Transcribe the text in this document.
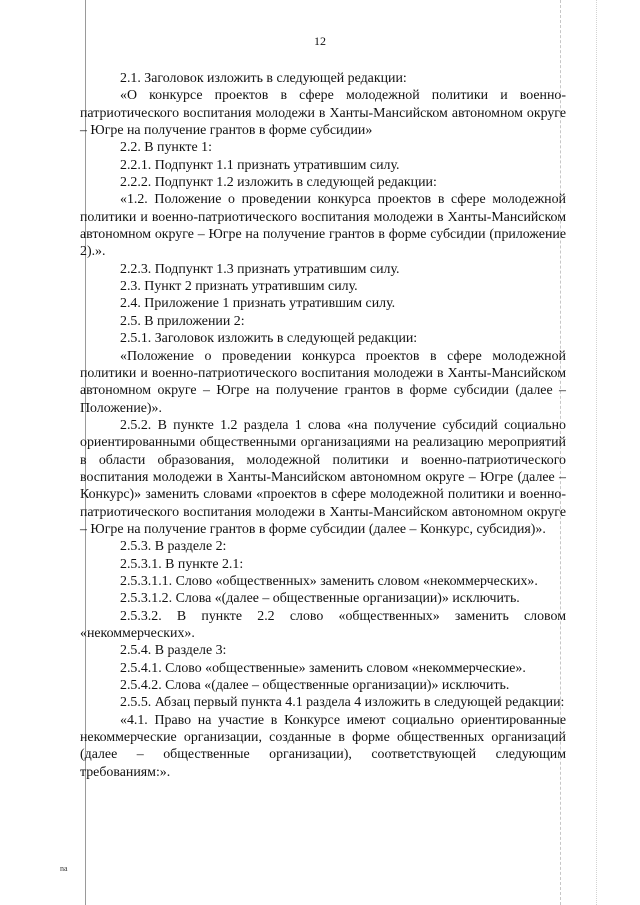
12

2.1. Заголовок изложить в следующей редакции:

«О конкурсе проектов в сфере молодежной политики и военно-патриотического воспитания молодежи в Ханты-Мансийском автономном округе – Югре на получение грантов в форме субсидии»

2.2. В пункте 1:

2.2.1. Подпункт 1.1 признать утратившим силу.

2.2.2. Подпункт 1.2 изложить в следующей редакции:

«1.2. Положение о проведении конкурса проектов в сфере молодежной политики и военно-патриотического воспитания молодежи в Ханты-Мансийском автономном округе – Югре на получение грантов в форме субсидии (приложение 2).».

2.2.3. Подпункт 1.3 признать утратившим силу.

2.3. Пункт 2 признать утратившим силу.

2.4. Приложение 1 признать утратившим силу.

2.5. В приложении 2:

2.5.1. Заголовок изложить в следующей редакции:

«Положение о проведении конкурса проектов в сфере молодежной политики и военно-патриотического воспитания молодежи в Ханты-Мансийском автономном округе – Югре на получение грантов в форме субсидии (далее – Положение)».

2.5.2. В пункте 1.2 раздела 1 слова «на получение субсидий социально ориентированными общественными организациями на реализацию мероприятий в области образования, молодежной политики и военно-патриотического воспитания молодежи в Ханты-Мансийском автономном округе – Югре (далее – Конкурс)» заменить словами «проектов в сфере молодежной политики и военно-патриотического воспитания молодежи в Ханты-Мансийском автономном округе – Югре на получение грантов в форме субсидии (далее – Конкурс, субсидия)».

2.5.3. В разделе 2:

2.5.3.1. В пункте 2.1:

2.5.3.1.1. Слово «общественных» заменить словом «некоммерческих».

2.5.3.1.2. Слова «(далее – общественные организации)» исключить.

2.5.3.2. В пункте 2.2 слово «общественных» заменить словом «некоммерческих».

2.5.4. В разделе 3:

2.5.4.1. Слово «общественные» заменить словом «некоммерческие».

2.5.4.2. Слова «(далее – общественные организации)» исключить.

2.5.5. Абзац первый пункта 4.1 раздела 4 изложить в следующей редакции:

«4.1. Право на участие в Конкурсе имеют социально ориентированные некоммерческие организации, созданные в форме общественных организаций (далее – общественные организации), соответствующей следующим требованиям:».

na
